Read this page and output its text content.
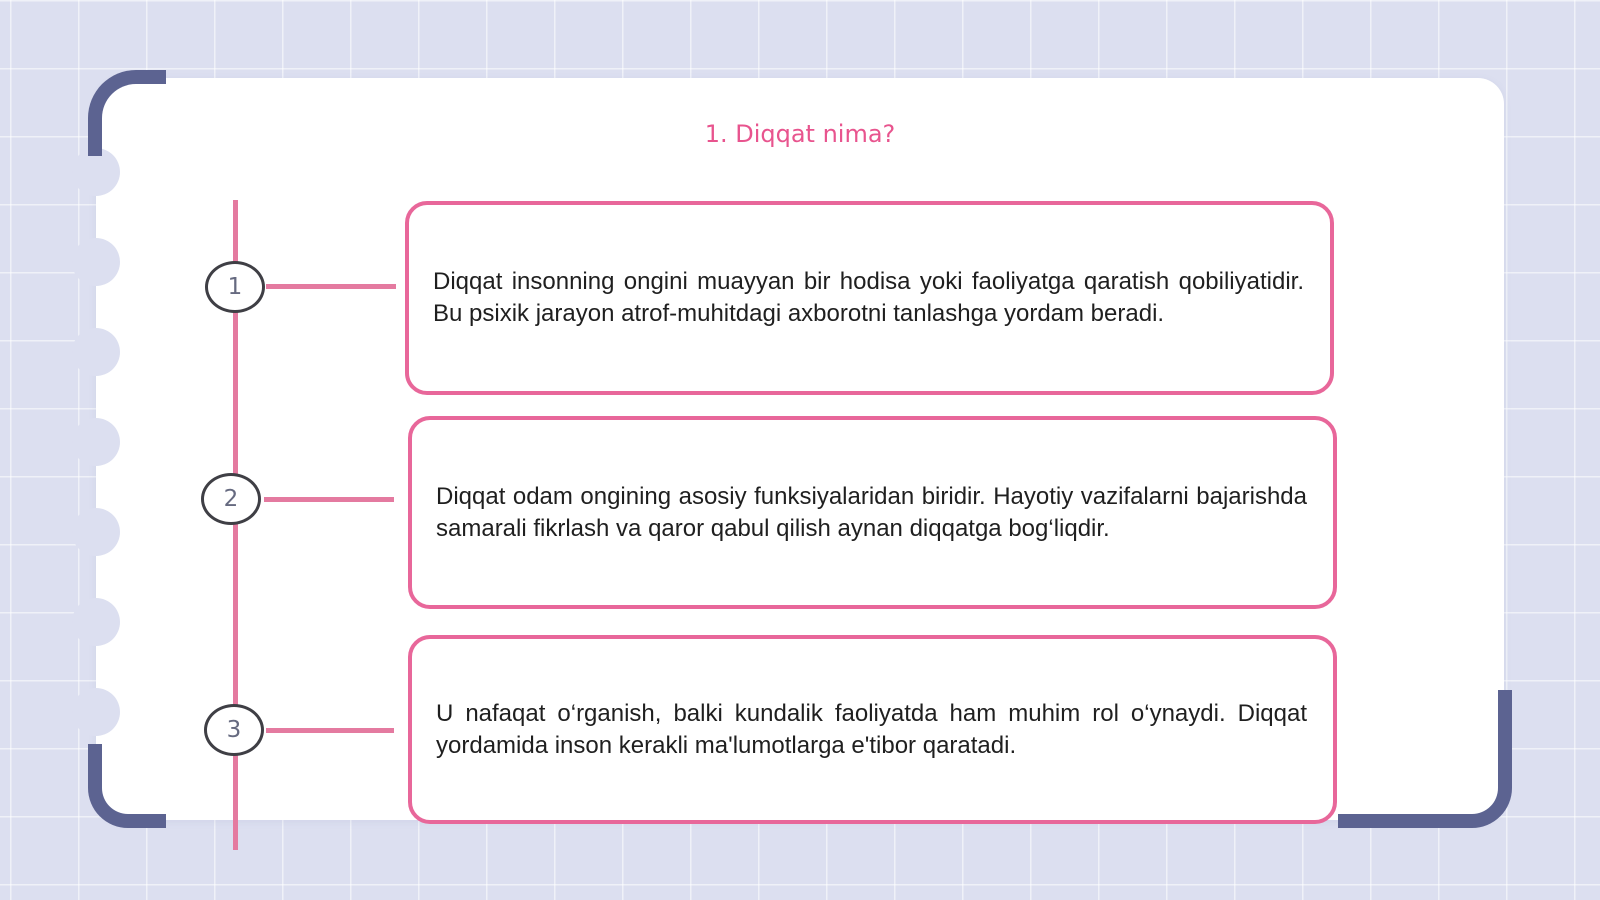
1. Diqqat nima?
1	Diqqat insonning ongini muayyan bir hodisa yoki faoliyatga qaratish qobiliyatidir. Bu psixik jarayon atrof-muhitdagi axborotni tanlashga yordam beradi.

2	Diqqat odam ongining asosiy funksiyalaridan biridir. Hayotiy vazifalarni bajarishda samarali fikrlash va qaror qabul qilish aynan diqqatga bog‘liqdir.

3

U nafaqat o‘rganish, balki kundalik faoliyatda ham muhim rol o‘ynaydi. Diqqat yordamida inson kerakli ma'lumotlarga e'tibor qaratadi.
